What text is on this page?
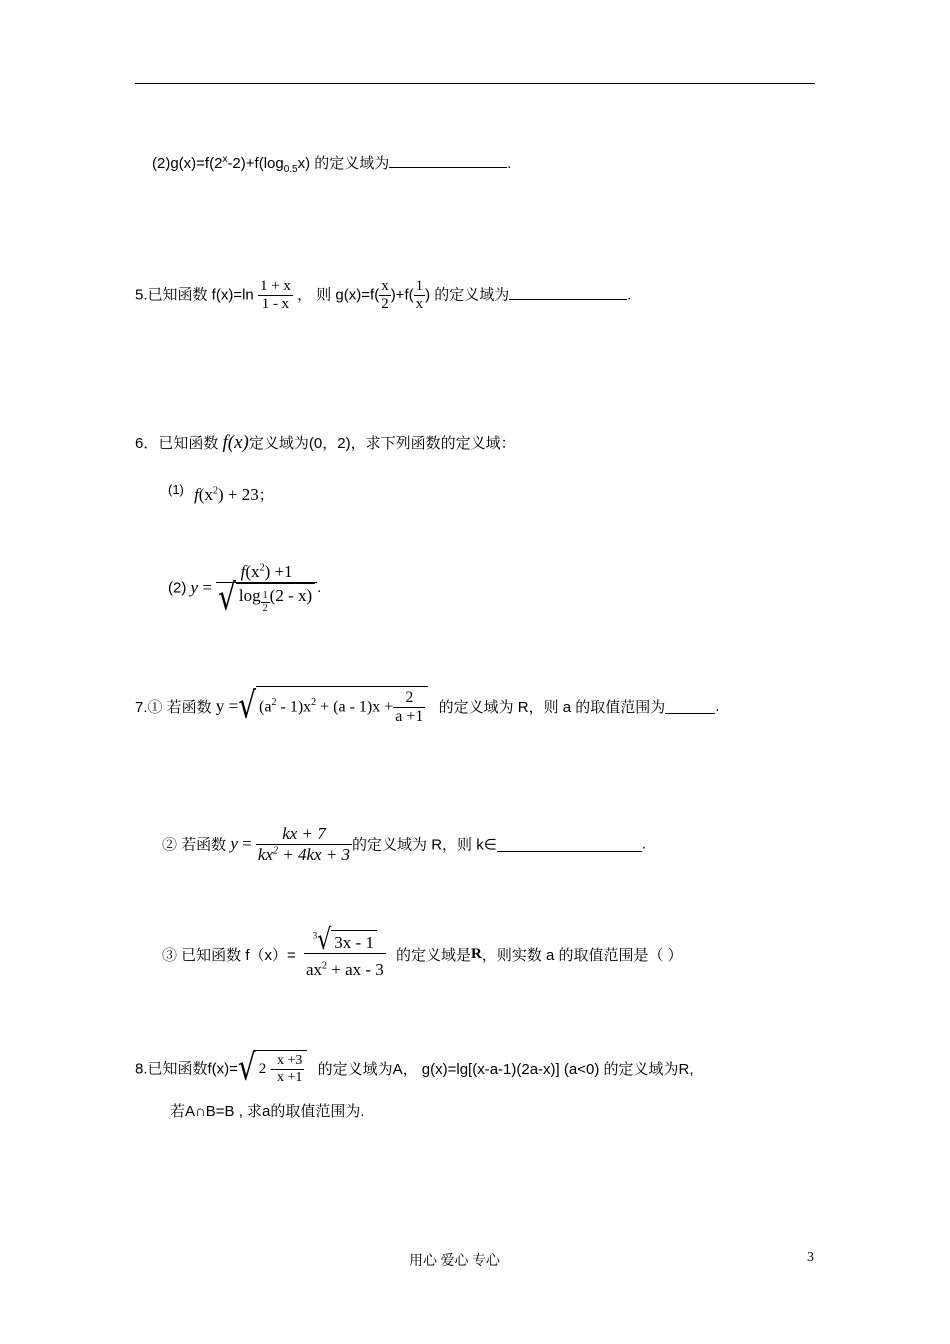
$(2)g(x)=f(2^x-2)+f(\log_{0.5}x)$ 的定义域为	.
5.已知函数 $f(x)=\ln \frac{1 + x}{1 - x}$ ， 则 $g(x)=f( \frac{x}{2} )+f( \frac{1}{x}$ ) 的定义域为	.
6．已知函数 f(x)定义域为(0，2)，求下列函数的定义域：
(1) $f(x^2) + 23$；
(2) $y = \frac{f(x^2) +1}{√ \log \frac{1}{2} (2 - x)}$ .
7.① 若函数 y =√ $(a^2 - 1)x^2 + (a - 1)x + \frac{2}{a +1}$ 的定义域为 R，则 a 的取值范围为	.
② 若函数 $y = \frac{kx + 7}{kx^2 + 4kx + 3}$ 的定义域为 R，则 k∈	.
③ 已知函数 $f(x)= \frac{^3√ 3x - 1}{ax^2 + ax - 3}$ 的定义域是R，则实数 a 的取值范围是（ ）
8.已知函数f(x)=√ $2 - \frac{x +3}{x +1}$ 的定义域为A， g(x)=lg[(x-a-1)(2a-x)] (a<0) 的定义域为R,
若A∩B=B , 求a的取值范围为.
用心 爱心 专心	3
